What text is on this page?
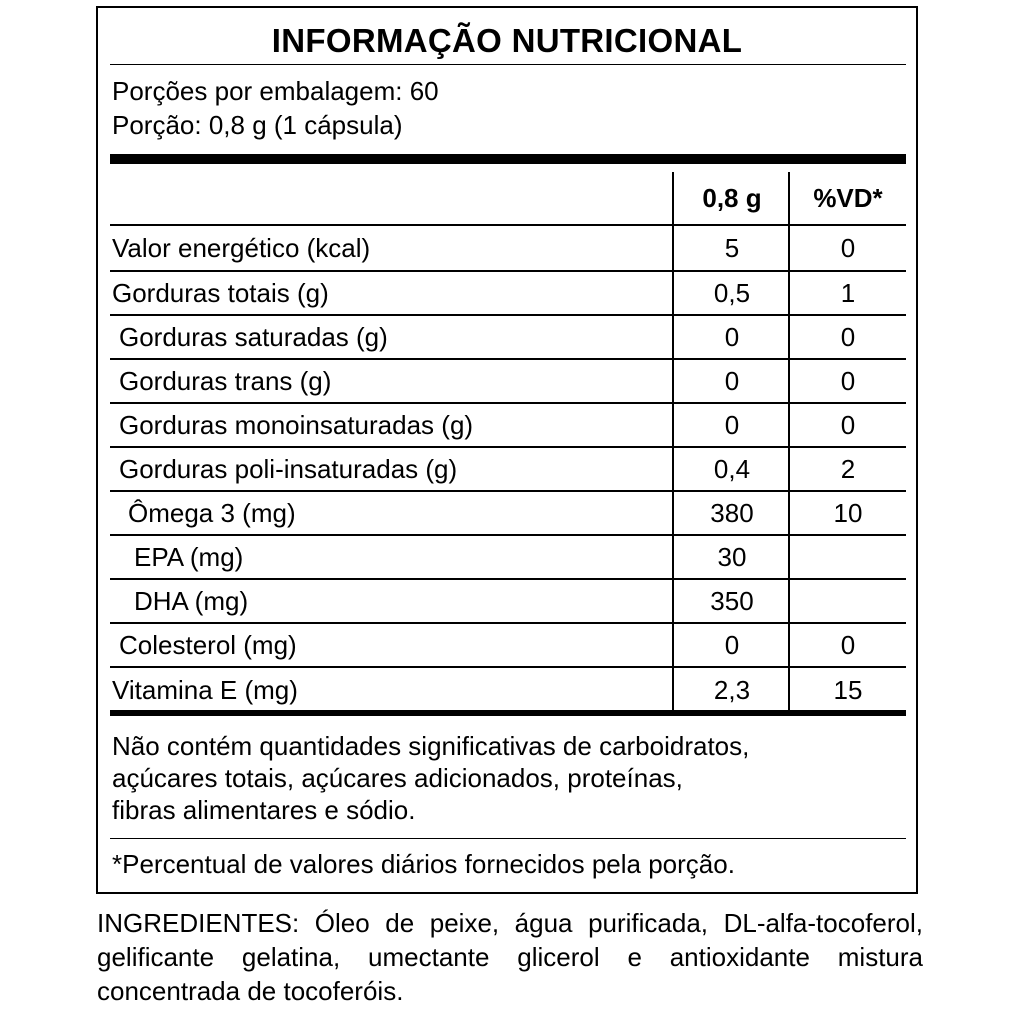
INFORMAÇÃO NUTRICIONAL
Porções por embalagem: 60
Porção: 0,8 g (1 cápsula)
0,8 g	%VD*
Valor energético (kcal)	5	0
Gorduras totais (g)	0,5	1
Gorduras saturadas (g)	0	0
Gorduras trans (g)	0	0
Gorduras monoinsaturadas (g)	0	0
Gorduras poli-insaturadas (g)	0,4	2
Ômega 3 (mg)	380	10
EPA (mg)	30
DHA (mg)	350
Colesterol (mg)	0	0
Vitamina E (mg)	2,3	15
Não contém quantidades significativas de carboidratos,
açúcares totais, açúcares adicionados, proteínas,
fibras alimentares e sódio.
*Percentual de valores diários fornecidos pela porção.
INGREDIENTES: Óleo de peixe, água purificada, DL-alfa-tocoferol, gelificante gelatina, umectante glicerol e antioxidante mistura concentrada de tocoferóis.
